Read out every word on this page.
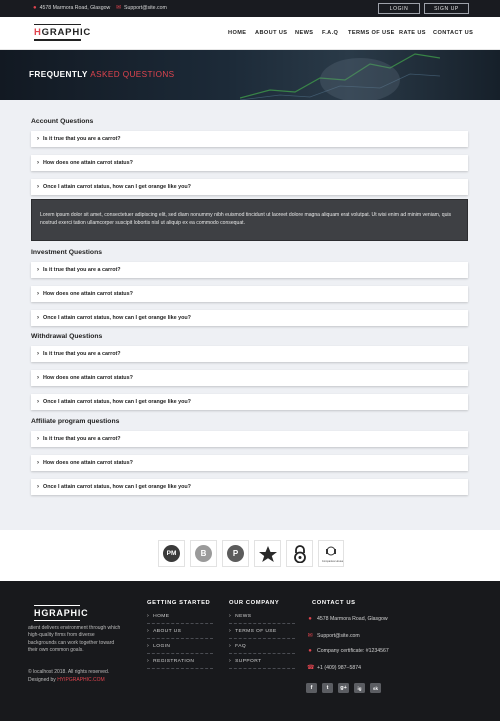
● 4578 Marmora Road, Glasgow ✉ Support@site.com	LOGIN	SIGN UP
HGRAPHIC	HOME ABOUT US NEWS F.A.Q TERMS OF USE RATE US CONTACT US
FREQUENTLY ASKED QUESTIONS
Account Questions
› Is it true that you are a carrot?
› How does one attain carrot status?
› Once I attain carrot status, how can I get orange like you?
Lorem ipsum dolor sit amet, consectetuer adipiscing elit, sed diam nonummy nibh euismod tincidunt ut laoreet dolore magna aliquam erat volutpat. Ut wisi enim ad minim veniam, quis nostrud exerci tation ullamcorper suscipit lobortis nisl ut aliquip ex ea commodo consequat.
Investment Questions
› Is it true that you are a carrot?
› How does one attain carrot status?
› Once I attain carrot status, how can I get orange like you?
Withdrawal Questions
› Is it true that you are a carrot?
› How does one attain carrot status?
› Once I attain carrot status, how can I get orange like you?
Affiliate program questions
› Is it true that you are a carrot?
› How does one attain carrot status?
› Once I attain carrot status, how can I get orange like you?
PM	B	P
Companies House
HGRAPHIC
atient delivers environment through which high-quality firms from diverse backgrounds can work together toward their own common goals.
© localhost 2018. All rights reserved.
Designed by HYIPGRAPHIC.COM
GETTING STARTED
› HOME
› ABOUT US
› LOGIN
› REGISTRATION
OUR COMPANY
› NEWS
› TERMS OF USE
› FAQ
› SUPPORT
CONTACT US
● 4578 Marmora Road, Glasgow
✉ Support@site.com
● Company certificate: #1234567
☎ +1 (409) 987–5874
f	t	g+	ig	sk
